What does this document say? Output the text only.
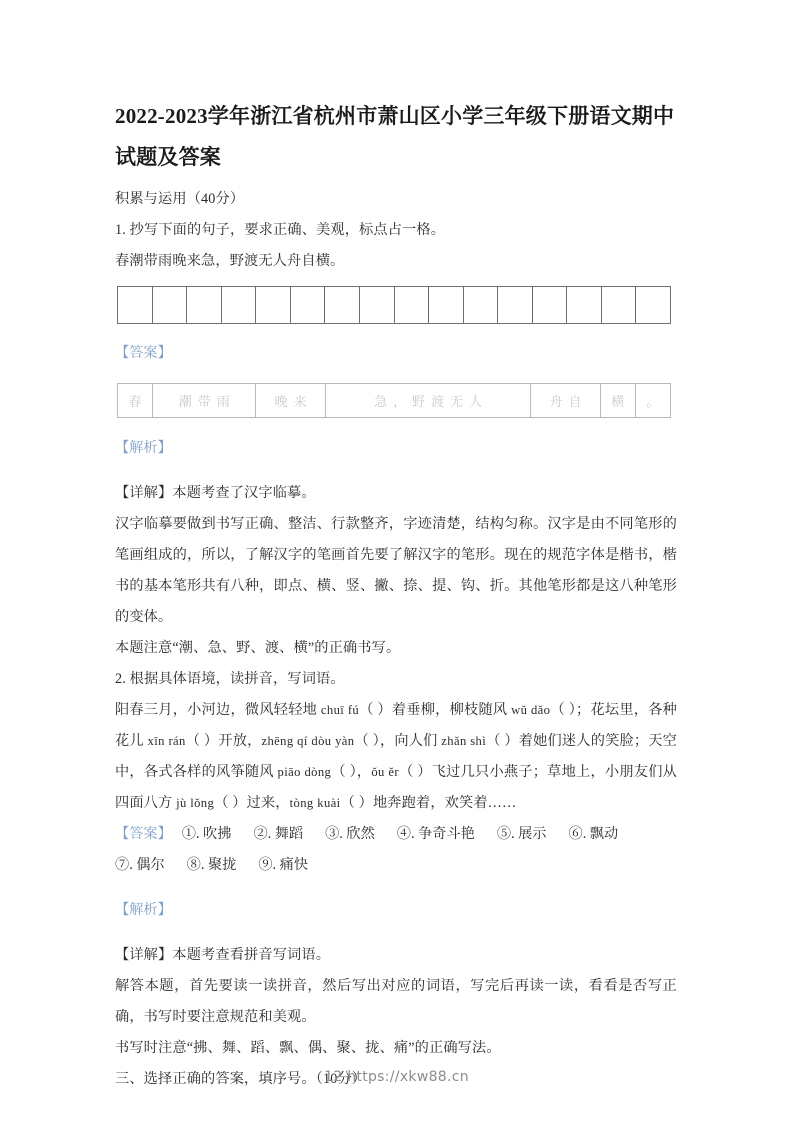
2022-2023学年浙江省杭州市萧山区小学三年级下册语文期中试题及答案

积累与运用（40分）

1. 抄写下面的句子，要求正确、美观，标点占一格。

春潮带雨晚来急，野渡无人舟自横。

【答案】

春	潮带雨	晚来	急，野渡无人	舟自	横	。

【解析】

【详解】本题考查了汉字临摹。

汉字临摹要做到书写正确、整洁、行款整齐，字迹清楚，结构匀称。汉字是由不同笔形的笔画组成的，所以，了解汉字的笔画首先要了解汉字的笔形。现在的规范字体是楷书，楷书的基本笔形共有八种，即点、横、竖、撇、捺、提、钩、折。其他笔形都是这八种笔形的变体。

本题注意“潮、急、野、渡、横”的正确书写。

2. 根据具体语境，读拼音，写词语。

阳春三月，小河边，微风轻轻地 chuī fú（ ）着垂柳，柳枝随风 wǔ dǎo（ ）；花坛里，各种花儿 xīn rán（ ）开放，zhēng qí dòu yàn（ ），向人们 zhǎn shì（ ）着她们迷人的笑脸；天空中，各式各样的风筝随风 piāo dòng（ ），ǒu ěr（ ）飞过几只小燕子；草地上，小朋友们从四面八方 jù lǒng（ ）过来，tòng kuài（ ）地奔跑着，欢笑着……

【答案】 ①. 吹拂 ②. 舞蹈 ③. 欣然 ④. 争奇斗艳 ⑤. 展示 ⑥. 飘动⑦. 偶尔 ⑧. 聚拢 ⑨. 痛快

【解析】

【详解】本题考查看拼音写词语。

解答本题，首先要读一读拼音，然后写出对应的词语，写完后再读一读，看看是否写正确，书写时要注意规范和美观。

书写时注意“拂、舞、蹈、飘、偶、聚、拢、痛”的正确写法。

三、选择正确的答案，填序号。（10分）

12 https://xkw88.cn
